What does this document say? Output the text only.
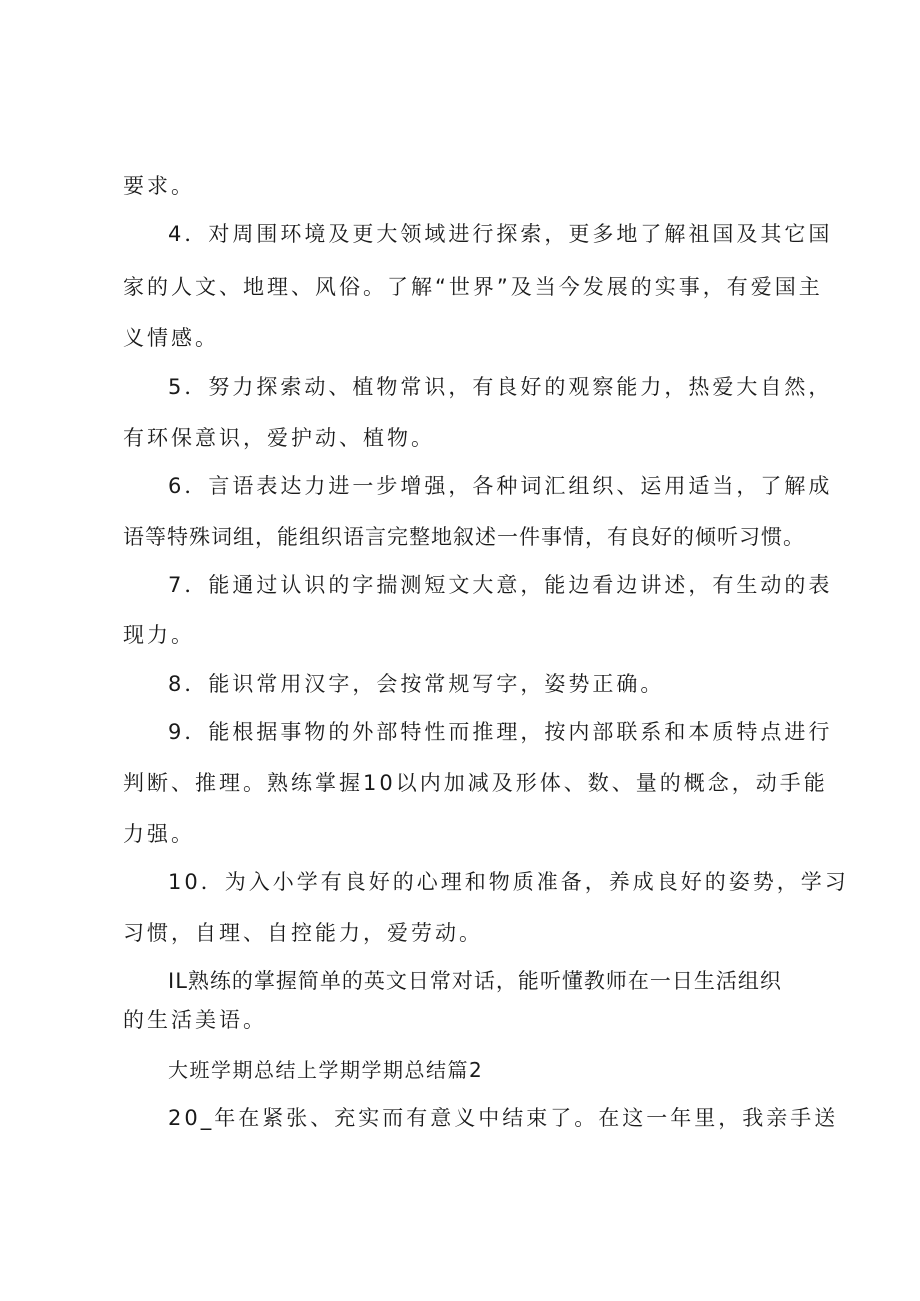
要求。
4．对周围环境及更大领域进行探索，更多地了解祖国及其它国
家的人文、地理、风俗。了解“世界”及当今发展的实事，有爱国主
义情感。
5．努力探索动、植物常识，有良好的观察能力，热爱大自然，
有环保意识，爱护动、植物。
6．言语表达力进一步增强，各种词汇组织、运用适当，了解成
语等特殊词组，能组织语言完整地叙述一件事情，有良好的倾听习惯。
7．能通过认识的字揣测短文大意，能边看边讲述，有生动的表
现力。
8．能识常用汉字，会按常规写字，姿势正确。
9．能根据事物的外部特性而推理，按内部联系和本质特点进行
判断、推理。熟练掌握10以内加减及形体、数、量的概念，动手能
力强。
10．为入小学有良好的心理和物质准备，养成良好的姿势，学习
习惯，自理、自控能力，爱劳动。
IL熟练的掌握简单的英文日常对话，能听懂教师在一日生活组织
的生活美语。
大班学期总结上学期学期总结篇2
20_年在紧张、充实而有意义中结束了。在这一年里，我亲手送
